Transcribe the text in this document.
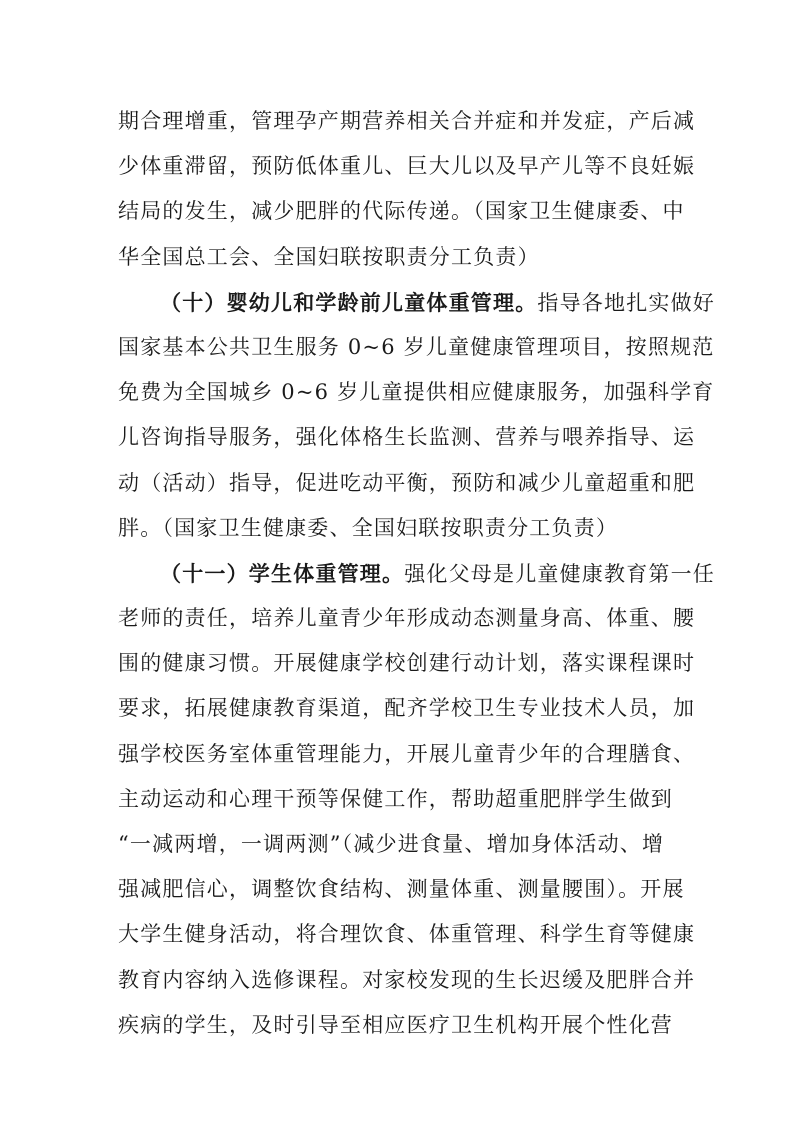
期合理增重，管理孕产期营养相关合并症和并发症，产后减
少体重滞留，预防低体重儿、巨大儿以及早产儿等不良妊娠
结局的发生，减少肥胖的代际传递。（国家卫生健康委、中
华全国总工会、全国妇联按职责分工负责）
（十）婴幼儿和学龄前儿童体重管理。指导各地扎实做好
国家基本公共卫生服务 0~6 岁儿童健康管理项目，按照规范
免费为全国城乡 0~6 岁儿童提供相应健康服务，加强科学育
儿咨询指导服务，强化体格生长监测、营养与喂养指导、运
动（活动）指导，促进吃动平衡，预防和减少儿童超重和肥
胖。（国家卫生健康委、全国妇联按职责分工负责）
（十一）学生体重管理。强化父母是儿童健康教育第一任
老师的责任，培养儿童青少年形成动态测量身高、体重、腰
围的健康习惯。开展健康学校创建行动计划，落实课程课时
要求，拓展健康教育渠道，配齐学校卫生专业技术人员，加
强学校医务室体重管理能力，开展儿童青少年的合理膳食、
主动运动和心理干预等保健工作，帮助超重肥胖学生做到
“一减两增，一调两测”（减少进食量、增加身体活动、增
强减肥信心，调整饮食结构、测量体重、测量腰围）。开展
大学生健身活动，将合理饮食、体重管理、科学生育等健康
教育内容纳入选修课程。对家校发现的生长迟缓及肥胖合并
疾病的学生，及时引导至相应医疗卫生机构开展个性化营
